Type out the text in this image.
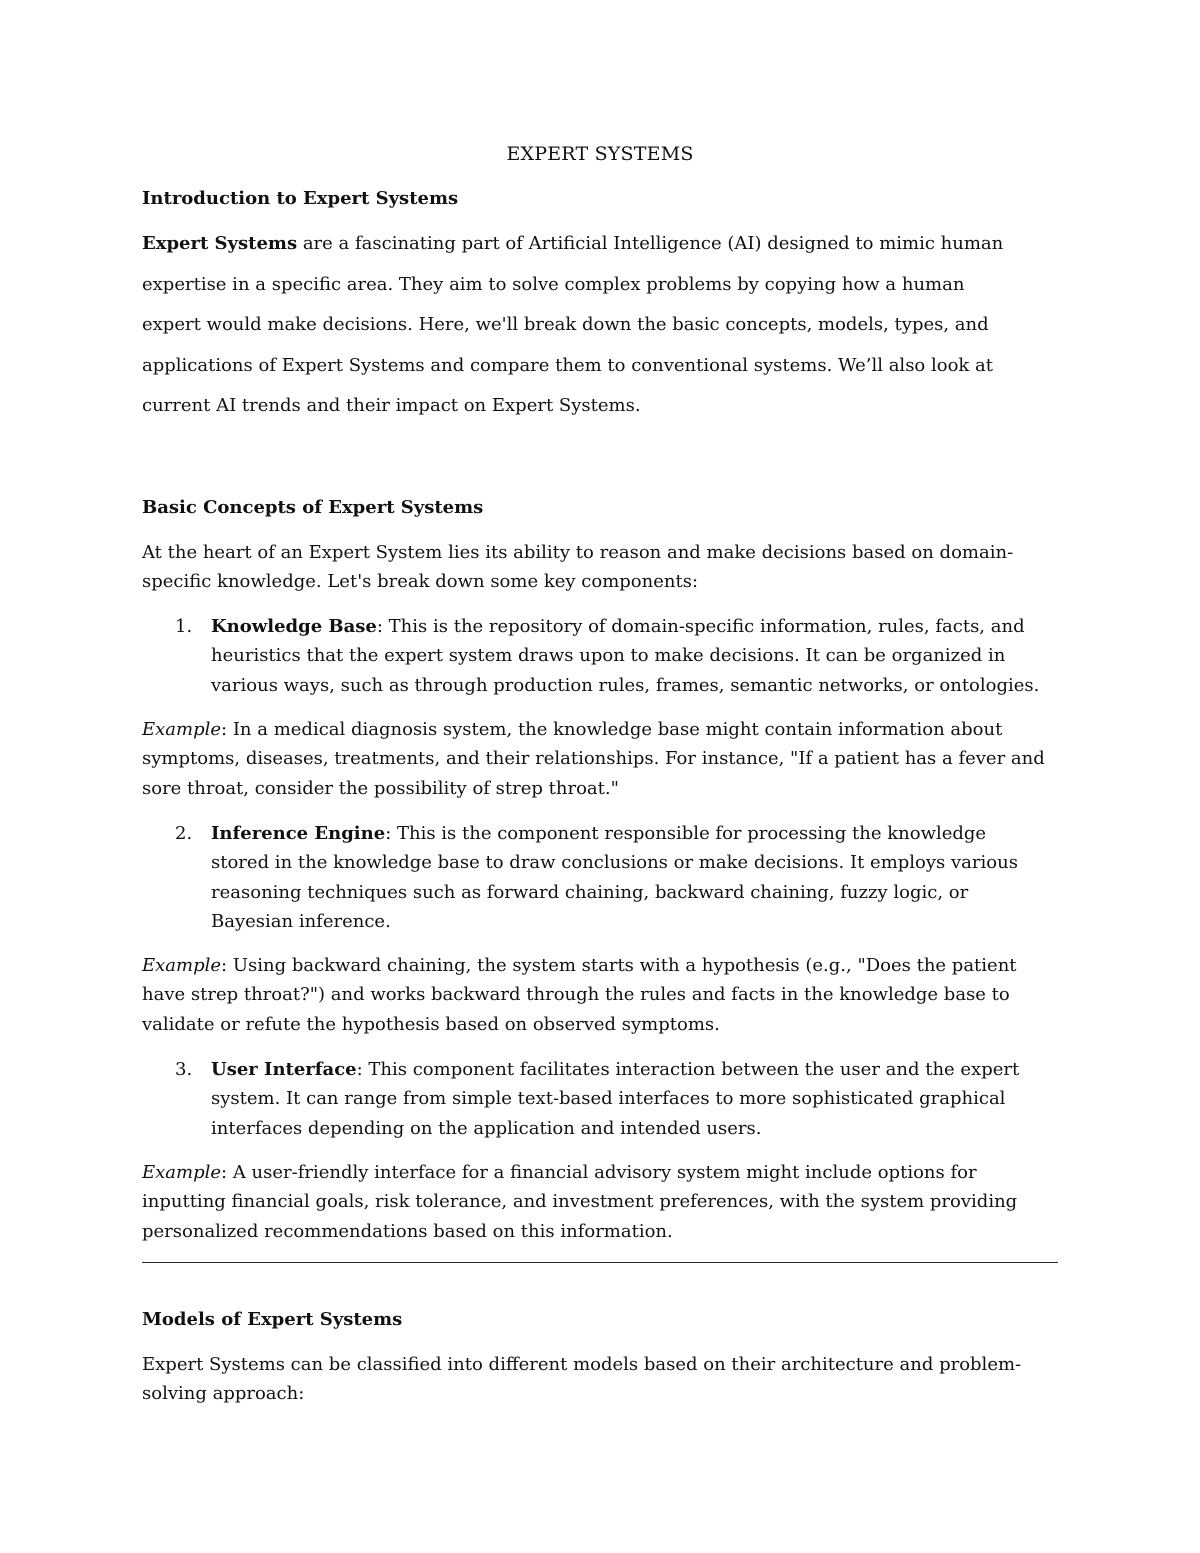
EXPERT SYSTEMS

Introduction to Expert Systems

Expert Systems are a fascinating part of Artificial Intelligence (AI) designed to mimic human

expertise in a specific area. They aim to solve complex problems by copying how a human

expert would make decisions. Here, we'll break down the basic concepts, models, types, and

applications of Expert Systems and compare them to conventional systems. We’ll also look at

current AI trends and their impact on Expert Systems.

Basic Concepts of Expert Systems

At the heart of an Expert System lies its ability to reason and make decisions based on domain-

specific knowledge. Let's break down some key components:

1. Knowledge Base: This is the repository of domain-specific information, rules, facts, and

heuristics that the expert system draws upon to make decisions. It can be organized in

various ways, such as through production rules, frames, semantic networks, or ontologies.

Example: In a medical diagnosis system, the knowledge base might contain information about

symptoms, diseases, treatments, and their relationships. For instance, "If a patient has a fever and

sore throat, consider the possibility of strep throat."

2. Inference Engine: This is the component responsible for processing the knowledge

stored in the knowledge base to draw conclusions or make decisions. It employs various

reasoning techniques such as forward chaining, backward chaining, fuzzy logic, or

Bayesian inference.

Example: Using backward chaining, the system starts with a hypothesis (e.g., "Does the patient

have strep throat?") and works backward through the rules and facts in the knowledge base to

validate or refute the hypothesis based on observed symptoms.

3. User Interface: This component facilitates interaction between the user and the expert

system. It can range from simple text-based interfaces to more sophisticated graphical

interfaces depending on the application and intended users.

Example: A user-friendly interface for a financial advisory system might include options for

inputting financial goals, risk tolerance, and investment preferences, with the system providing

personalized recommendations based on this information.

Models of Expert Systems

Expert Systems can be classified into different models based on their architecture and problem-

solving approach:
